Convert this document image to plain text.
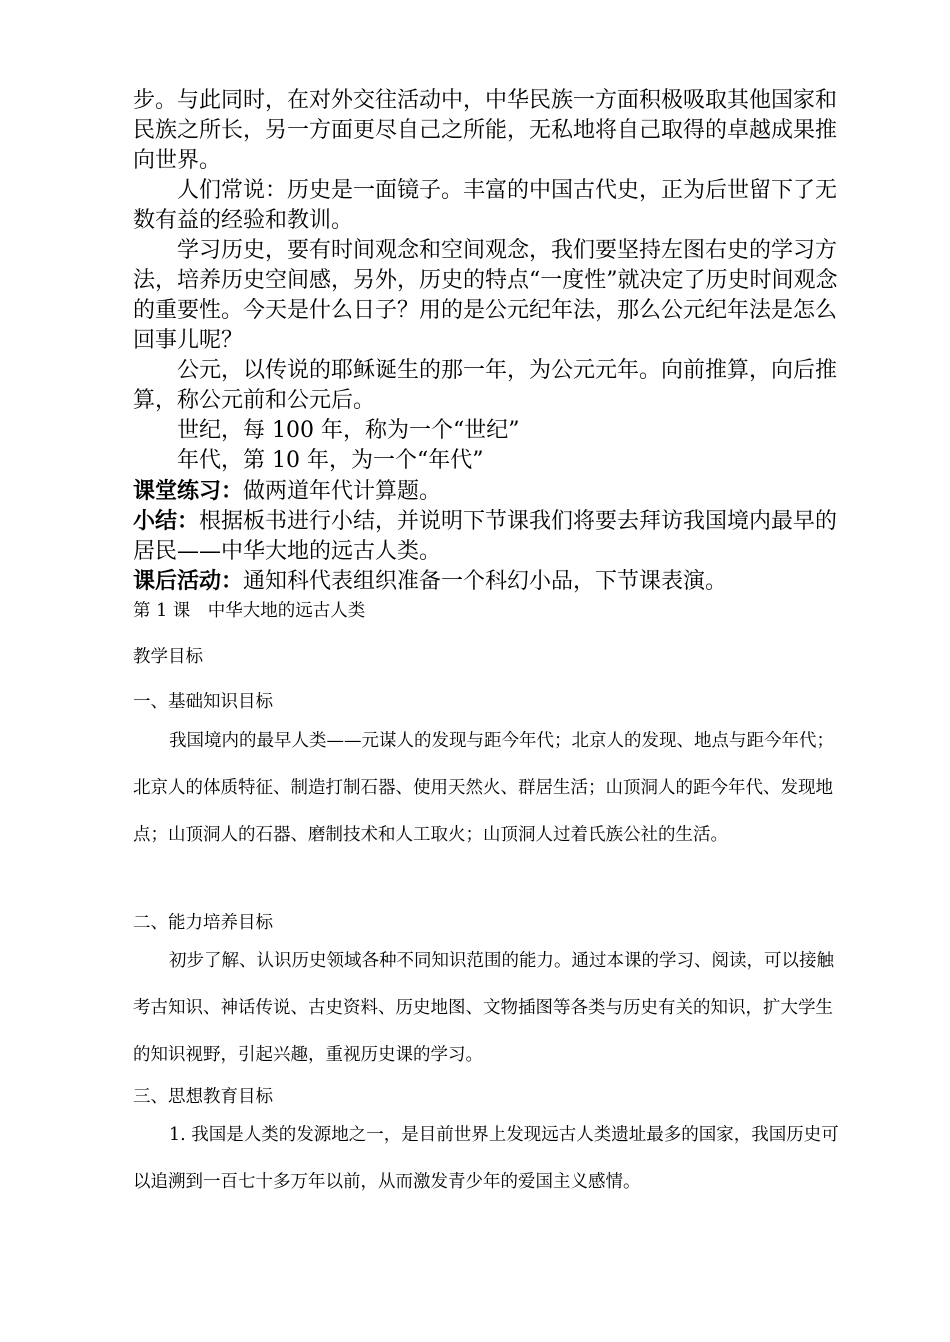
步。与此同时，在对外交往活动中，中华民族一方面积极吸取其他国家和民族之所长，另一方面更尽自己之所能，无私地将自己取得的卓越成果推向世界。

人们常说：历史是一面镜子。丰富的中国古代史，正为后世留下了无数有益的经验和教训。

学习历史，要有时间观念和空间观念，我们要坚持左图右史的学习方法，培养历史空间感，另外，历史的特点“一度性”就决定了历史时间观念的重要性。今天是什么日子？用的是公元纪年法，那么公元纪年法是怎么回事儿呢？

公元，以传说的耶稣诞生的那一年，为公元元年。向前推算，向后推算，称公元前和公元后。

世纪，每 100 年，称为一个“世纪”

年代，第 10 年，为一个“年代”

课堂练习：做两道年代计算题。

小结：根据板书进行小结，并说明下节课我们将要去拜访我国境内最早的居民——中华大地的远古人类。

课后活动：通知科代表组织准备一个科幻小品，下节课表演。

第 1 课　中华大地的远古人类

教学目标

一、基础知识目标

我国境内的最早人类——元谋人的发现与距今年代；北京人的发现、地点与距今年代；北京人的体质特征、制造打制石器、使用天然火、群居生活；山顶洞人的距今年代、发现地点；山顶洞人的石器、磨制技术和人工取火；山顶洞人过着氏族公社的生活。

二、能力培养目标

初步了解、认识历史领域各种不同知识范围的能力。通过本课的学习、阅读，可以接触考古知识、神话传说、古史资料、历史地图、文物插图等各类与历史有关的知识，扩大学生的知识视野，引起兴趣，重视历史课的学习。

三、思想教育目标

1. 我国是人类的发源地之一，是目前世界上发现远古人类遗址最多的国家，我国历史可以追溯到一百七十多万年以前，从而激发青少年的爱国主义感情。
